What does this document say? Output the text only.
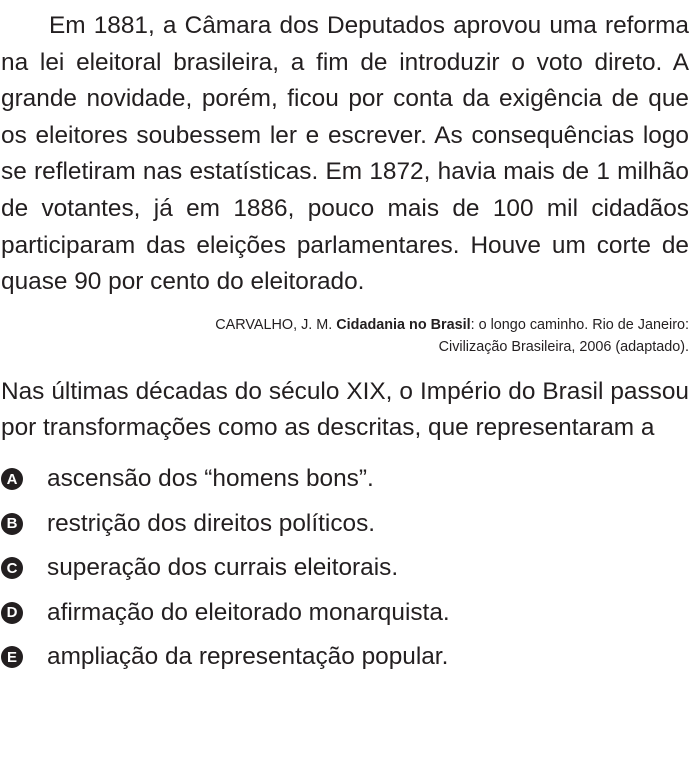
Em 1881, a Câmara dos Deputados aprovou uma reforma na lei eleitoral brasileira, a fim de introduzir o voto direto. A grande novidade, porém, ficou por conta da exigência de que os eleitores soubessem ler e escrever. As consequências logo se refletiram nas estatísticas. Em 1872, havia mais de 1 milhão de votantes, já em 1886, pouco mais de 100 mil cidadãos participaram das eleições parlamentares. Houve um corte de quase 90 por cento do eleitorado.

CARVALHO, J. M. Cidadania no Brasil: o longo caminho. Rio de Janeiro:
Civilização Brasileira, 2006 (adaptado).

Nas últimas décadas do século XIX, o Império do Brasil passou por transformações como as descritas, que representaram a

A ascensão dos “homens bons”.
B restrição dos direitos políticos.
C superação dos currais eleitorais.
D afirmação do eleitorado monarquista.
E ampliação da representação popular.
